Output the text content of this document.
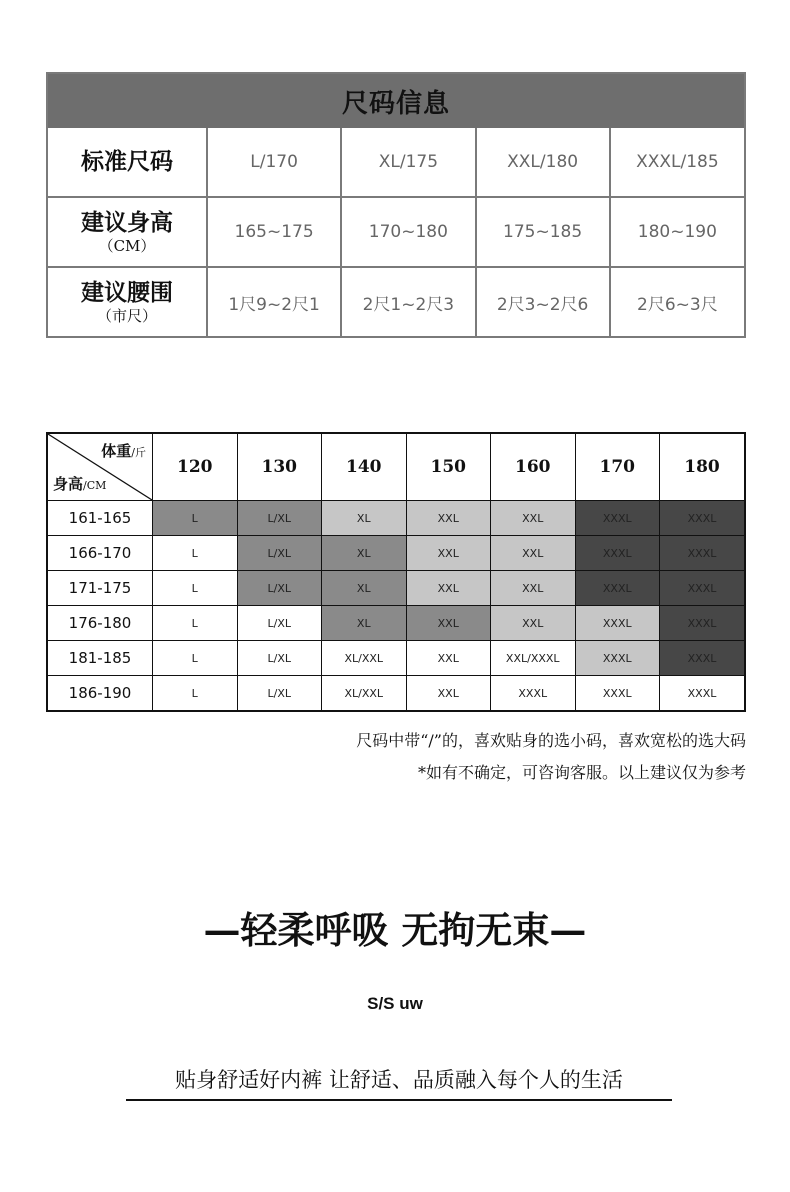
尺码信息
标准尺码	L/170	XL/175	XXL/180	XXXL/185

建议身高
（CM）	165~175	170~180	175~185	180~190

建议腰围
（市尺）	1尺9~2尺1	2尺1~2尺3	2尺3~2尺6	2尺6~3尺
体重/斤
身高/CM	120	130	140	150	160	170	180
161-165	L	L/XL	XL	XXL	XXL	XXXL	XXXL
166-170	L	L/XL	XL	XXL	XXL	XXXL	XXXL
171-175	L	L/XL	XL	XXL	XXL	XXXL	XXXL
176-180	L	L/XL	XL	XXL	XXL	XXXL	XXXL
181-185	L	L/XL	XL/XXL	XXL	XXL/XXXL	XXXL	XXXL
186-190	L	L/XL	XL/XXL	XXL	XXXL	XXXL	XXXL
尺码中带“/”的，喜欢贴身的选小码，喜欢宽松的选大码
*如有不确定，可咨询客服。以上建议仅为参考
—轻柔呼吸 无拘无束—
S/S uw
贴身舒适好内裤 让舒适、品质融入每个人的生活
